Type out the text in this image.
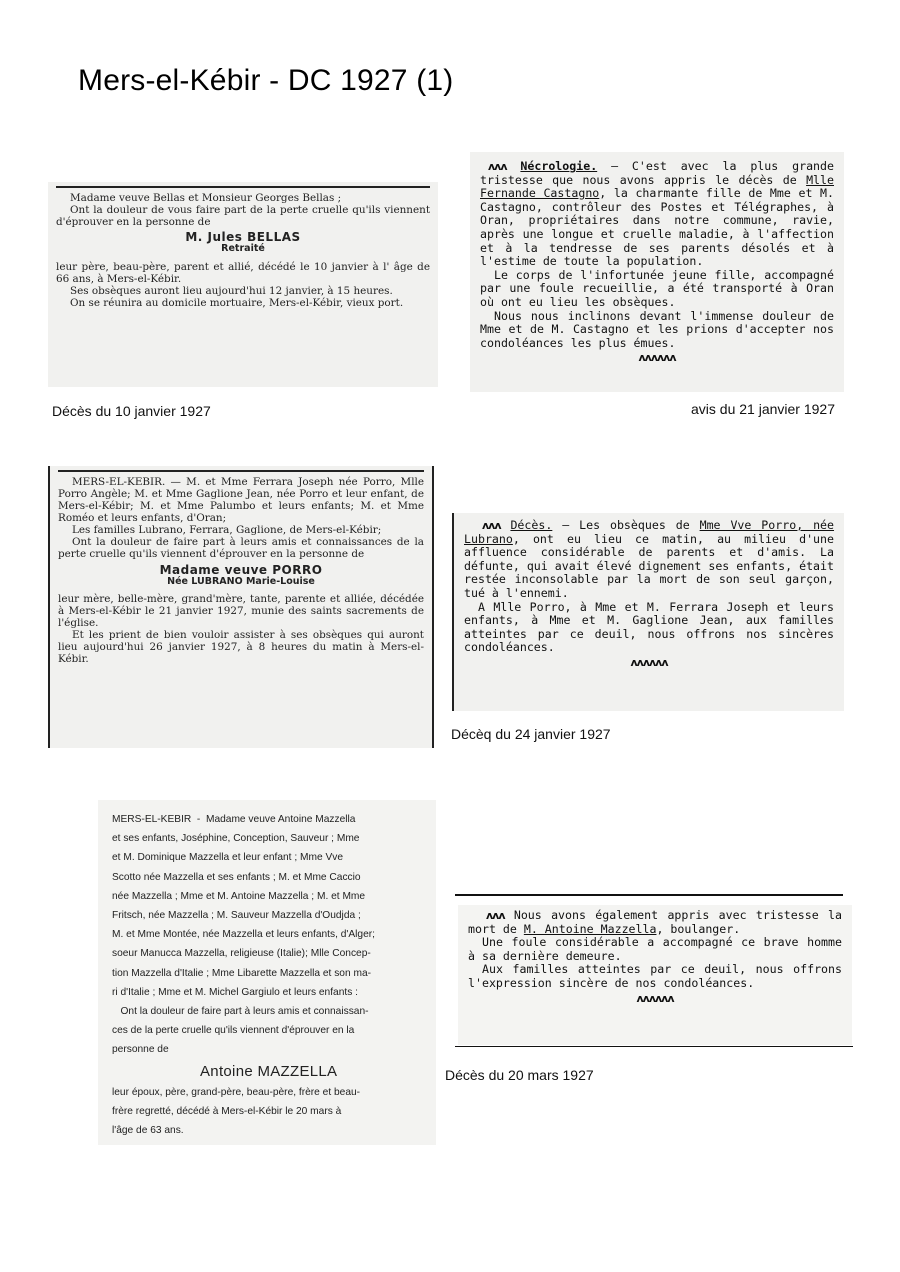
Mers-el-Kébir - DC 1927 (1)

Madame veuve Bellas et Monsieur Georges Bellas ;

Ont la douleur de vous faire part de la perte cruelle qu'ils viennent d'éprouver en la personne de

M. Jules BELLAS

Retraité

leur père, beau-père, parent et allié, décédé le 10 janvier à l' âge de 66 ans, à Mers-el-Kébir.

Ses obsèques auront lieu aujourd'hui 12 janvier, à 15 heures.

On se réunira au domicile mortuaire, Mers-el-Kébir, vieux port.

Décès du 10 janvier 1927

ʌʌʌ Nécrologie. — C'est avec la plus grande tristesse que nous avons appris le décès de Mlle Fernande Castagno, la charmante fille de Mme et M. Castagno, contrôleur des Postes et Télégraphes, à Oran, propriétaires dans notre commune, ravie, après une longue et cruelle maladie, à l'affection et à la tendresse de ses parents désolés et à l'estime de toute la population.

Le corps de l'infortunée jeune fille, accompagné par une foule recueillie, a été transporté à Oran où ont eu lieu les obsèques.

Nous nous inclinons devant l'immense douleur de Mme et de M. Castagno et les prions d'accepter nos condoléances les plus émues.

ʌʌʌʌʌʌ
avis du 21 janvier 1927

MERS-EL-KEBIR. — M. et Mme Ferrara Joseph née Porro, Mlle Porro Angèle; M. et Mme Gaglione Jean, née Porro et leur enfant, de Mers-el-Kébir; M. et Mme Palumbo et leurs enfants; M. et Mme Roméo et leurs enfants, d'Oran;

Les familles Lubrano, Ferrara, Gaglione, de Mers-el-Kébir;

Ont la douleur de faire part à leurs amis et connaissances de la perte cruelle qu'ils viennent d'éprouver en la personne de

Madame veuve PORRO

Née LUBRANO Marie-Louise

leur mère, belle-mère, grand'mère, tante, parente et alliée, décédée à Mers-el-Kébir le 21 janvier 1927, munie des saints sacrements de l'église.

Et les prient de bien vouloir assister à ses obsèques qui auront lieu aujourd'hui 26 janvier 1927, à 8 heures du matin à Mers-el-Kébir.

ʌʌʌ Décès. — Les obsèques de Mme Vve Porro, née Lubrano, ont eu lieu ce matin, au milieu d'une affluence considérable de parents et d'amis. La défunte, qui avait élevé dignement ses enfants, était restée inconsolable par la mort de son seul garçon, tué à l'ennemi.

A Mlle Porro, à Mme et M. Ferrara Joseph et leurs enfants, à Mme et M. Gaglione Jean, aux familles atteintes par ce deuil, nous offrons nos sincères condoléances.

ʌʌʌʌʌʌ
Décèq du 24 janvier 1927

MERS-EL-KEBIR  -  Madame veuve Antoine Mazzella

et ses enfants, Joséphine, Conception, Sauveur ; Mme

et M. Dominique Mazzella et leur enfant ; Mme Vve

Scotto née Mazzella et ses enfants ; M. et Mme Caccio

née Mazzella ; Mme et M. Antoine Mazzella ; M. et Mme

Fritsch, née Mazzella ; M. Sauveur Mazzella d'Oudjda ;

M. et Mme Montée, née Mazzella et leurs enfants, d'Alger;

soeur Manucca Mazzella, religieuse (Italie); Mlle Concep-

tion Mazzella d'Italie ; Mme Libarette Mazzella et son ma-

ri d'Italie ; Mme et M. Michel Gargiulo et leurs enfants :

Ont la douleur de faire part à leurs amis et connaissan-

ces de la perte cruelle qu'ils viennent d'éprouver en la

personne de

Antoine MAZZELLA

leur époux, père, grand-père, beau-père, frère et beau-

frère regretté, décédé à Mers-el-Kébir le 20 mars à

l'âge de 63 ans.

ʌʌʌ Nous avons également appris avec tristesse la mort de M. Antoine Mazzella, boulanger.

Une foule considérable a accompagné ce brave homme à sa dernière demeure.

Aux familles atteintes par ce deuil, nous offrons l'expression sincère de nos condoléances.

ʌʌʌʌʌʌ
Décès du 20 mars 1927
